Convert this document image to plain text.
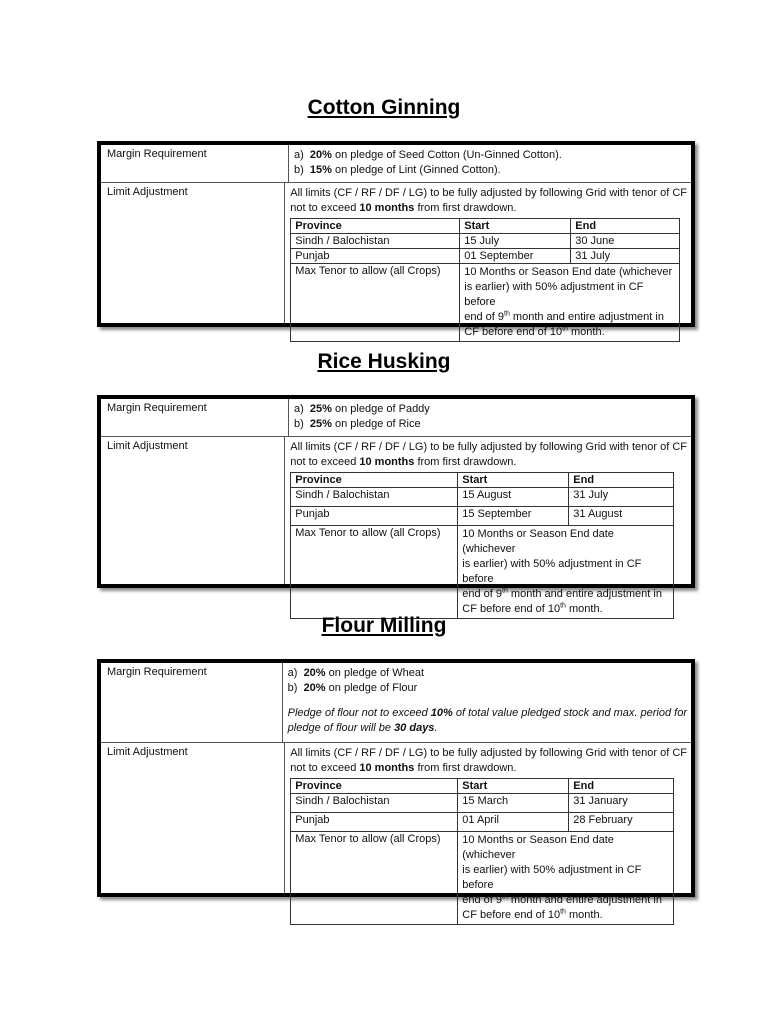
Cotton Ginning
Margin Requirement	a) 20% on pledge of Seed Cotton (Un-Ginned Cotton).
b) 15% on pledge of Lint (Ginned Cotton).
Limit Adjustment	All limits (CF / RF / DF / LG) to be fully adjusted by following Grid with tenor of CF
not to exceed 10 months from first drawdown.
Province	Start	End
Sindh / Balochistan	15 July	30 June
Punjab	01 September	31 July
Max Tenor to allow (all Crops)	10 Months or Season End date (whichever
is earlier) with 50% adjustment in CF before
end of 9th month and entire adjustment in
CF before end of 10th month.	
Rice Husking
Margin Requirement	a) 25% on pledge of Paddy
b) 25% on pledge of Rice
Limit Adjustment	All limits (CF / RF / DF / LG) to be fully adjusted by following Grid with tenor of CF
not to exceed 10 months from first drawdown.
Province	Start	End
Sindh / Balochistan	15 August	31 July
Punjab	15 September	31 August
Max Tenor to allow (all Crops)	10 Months or Season End date (whichever
is earlier) with 50% adjustment in CF before
end of 9th month and entire adjustment in
CF before end of 10th month.	
Flour Milling
Margin Requirement	a) 20% on pledge of Wheat
b) 20% on pledge of Flour
Pledge of flour not to exceed 10% of total value pledged stock and max. period for
pledge of flour will be 30 days.
Limit Adjustment	All limits (CF / RF / DF / LG) to be fully adjusted by following Grid with tenor of CF
not to exceed 10 months from first drawdown.
Province	Start	End
Sindh / Balochistan	15 March	31 January
Punjab	01 April	28 February
Max Tenor to allow (all Crops)	10 Months or Season End date (whichever
is earlier) with 50% adjustment in CF before
end of 9th month and entire adjustment in
CF before end of 10th month.	
